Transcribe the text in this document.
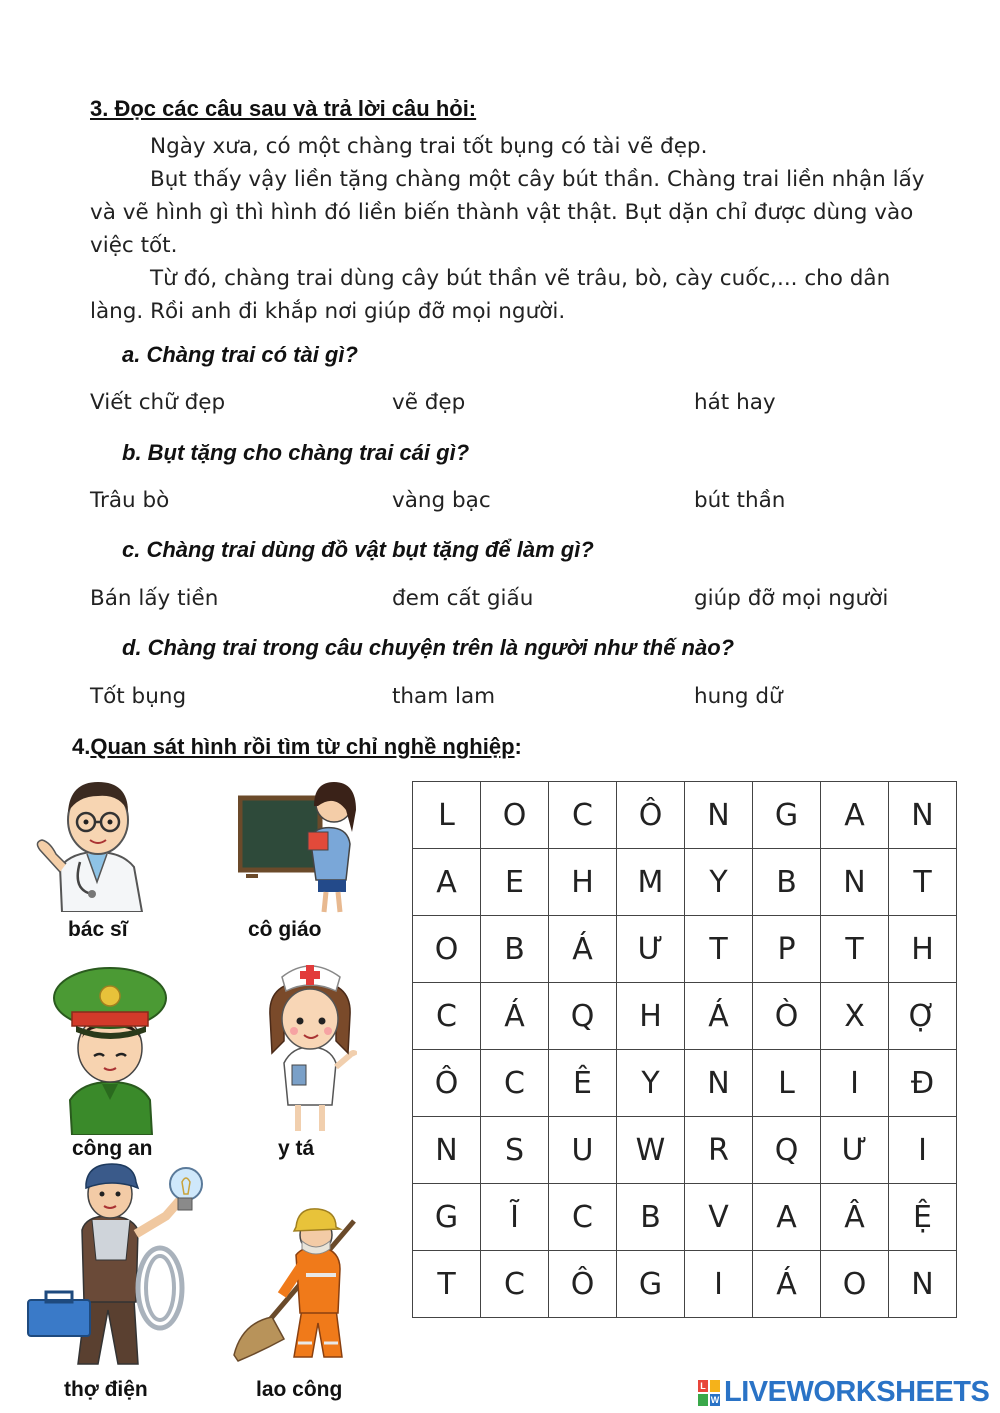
3. Đọc các câu sau và trả lời câu hỏi:
Ngày xưa, có một chàng trai tốt bụng có tài vẽ đẹp.
Bụt thấy vậy liền tặng chàng một cây bút thần. Chàng trai liền nhận lấy và vẽ hình gì thì hình đó liền biến thành vật thật. Bụt dặn chỉ được dùng vào việc tốt.
Từ đó, chàng trai dùng cây bút thần vẽ trâu, bò, cày cuốc,... cho dân làng. Rồi anh đi khắp nơi giúp đỡ mọi người.
a. Chàng trai có tài gì?
Viết chữ đẹp	vẽ đẹp	hát hay
b. Bụt tặng cho chàng trai cái gì?
Trâu bò	vàng bạc	bút thần
c. Chàng trai dùng đồ vật bụt tặng để làm gì?
Bán lấy tiền	đem cất giấu	giúp đỡ mọi người
d. Chàng trai trong câu chuyện trên là người như thế nào?
Tốt bụng	tham lam	hung dữ
4.Quan sát hình rồi tìm từ chỉ nghề nghiệp:
bác sĩ	cô giáo
công an	y tá
thợ điện	lao công
L	O	C	Ô	N	G	A	N
A	E	H	M	Y	B	N	T
O	B	Á	Ư	T	P	T	H
C	Á	Q	H	Á	Ò	X	Ợ
Ô	C	Ê	Y	N	L	I	Đ
N	S	U	W	R	Q	Ư	I
G	Ĩ	C	B	V	A	Â	Ệ
T	C	Ô	G	I	Á	O	N
L
W LIVEWORKSHEETS
